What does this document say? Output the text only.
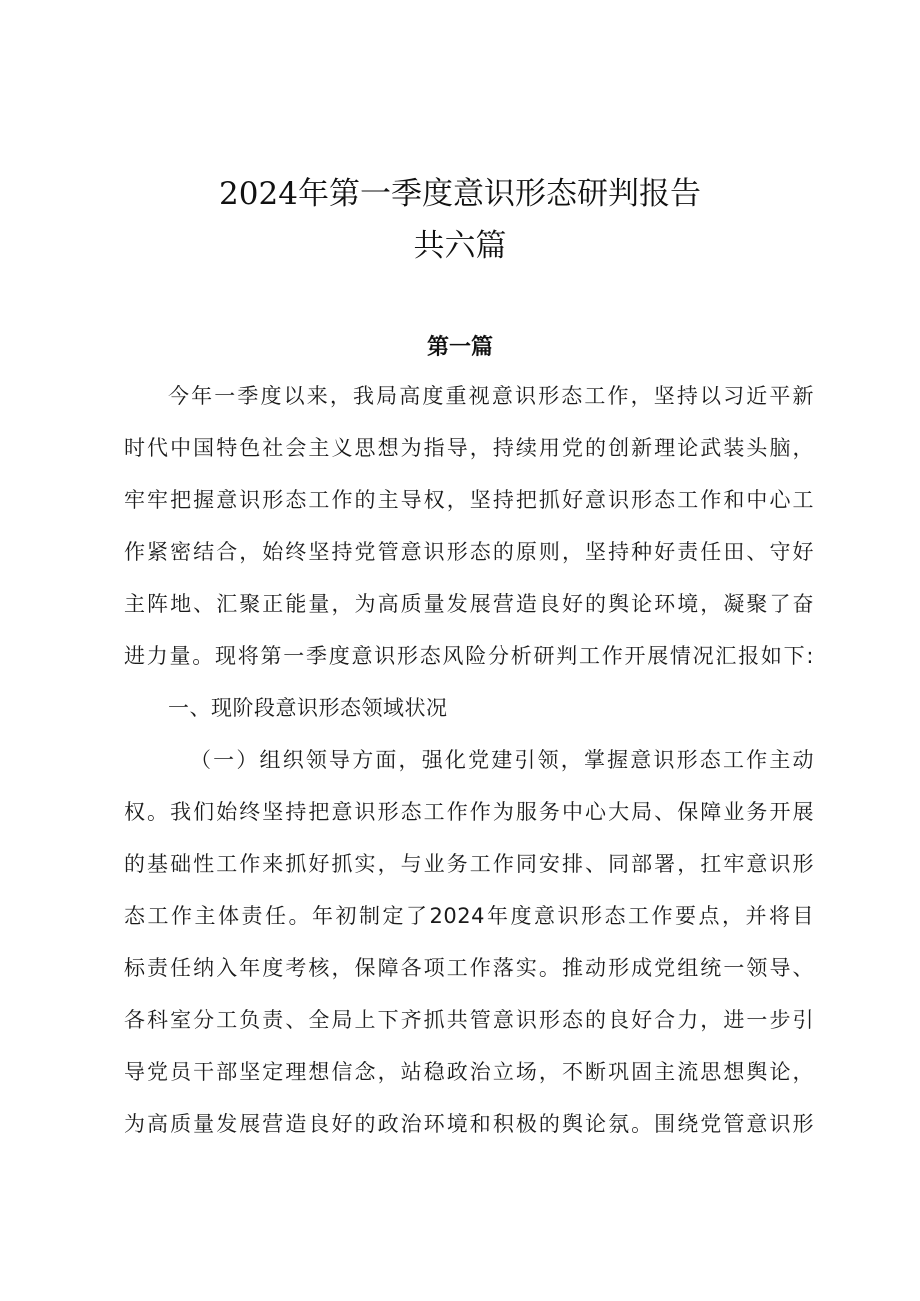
2024年第一季度意识形态研判报告
共六篇
第一篇
今年一季度以来，我局高度重视意识形态工作，坚持以习近平新
时代中国特色社会主义思想为指导，持续用党的创新理论武装头脑，
牢牢把握意识形态工作的主导权，坚持把抓好意识形态工作和中心工
作紧密结合，始终坚持党管意识形态的原则，坚持种好责任田、守好
主阵地、汇聚正能量，为高质量发展营造良好的舆论环境，凝聚了奋
进力量。现将第一季度意识形态风险分析研判工作开展情况汇报如下:
一、现阶段意识形态领域状况
（一）组织领导方面，强化党建引领，掌握意识形态工作主动
权。我们始终坚持把意识形态工作作为服务中心大局、保障业务开展
的基础性工作来抓好抓实，与业务工作同安排、同部署，扛牢意识形
态工作主体责任。年初制定了2024年度意识形态工作要点，并将目
标责任纳入年度考核，保障各项工作落实。推动形成党组统一领导、
各科室分工负责、全局上下齐抓共管意识形态的良好合力，进一步引
导党员干部坚定理想信念，站稳政治立场，不断巩固主流思想舆论，
为高质量发展营造良好的政治环境和积极的舆论氛。围绕党管意识形
